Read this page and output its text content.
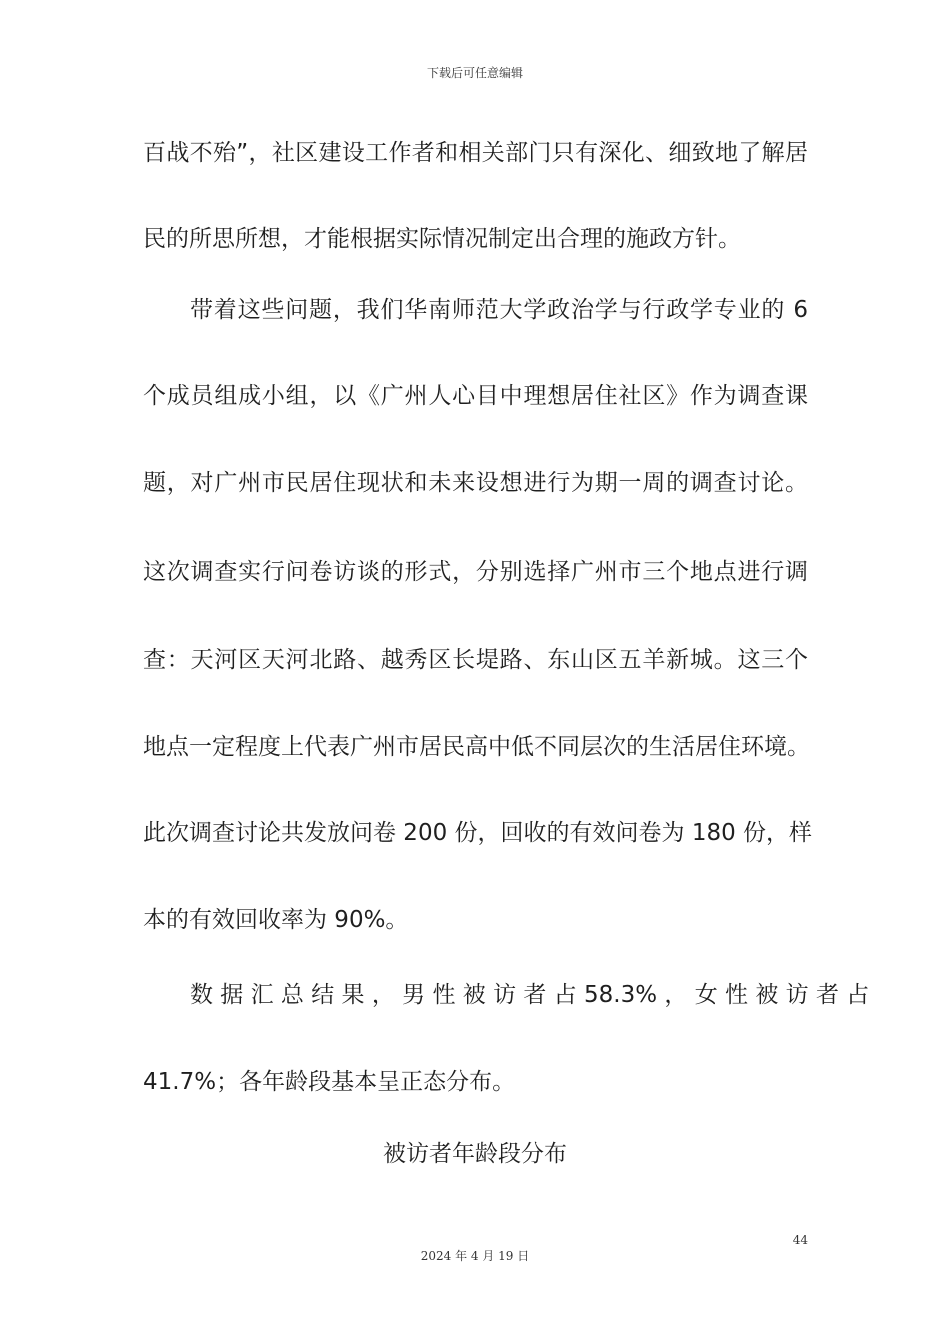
下载后可任意编辑
百战不殆”，社区建设工作者和相关部门只有深化、细致地了解居
民的所思所想，才能根据实际情况制定出合理的施政方针。
带着这些问题，我们华南师范大学政治学与行政学专业的 6
个成员组成小组，以《广州人心目中理想居住社区》作为调查课
题，对广州市民居住现状和未来设想进行为期一周的调查讨论。
这次调查实行问卷访谈的形式，分别选择广州市三个地点进行调
查：天河区天河北路、越秀区长堤路、东山区五羊新城。这三个
地点一定程度上代表广州市居民高中低不同层次的生活居住环境。
此次调查讨论共发放问卷 200 份，回收的有效问卷为 180 份，样
本的有效回收率为 90%。
数 据 汇 总 结 果 ， 男 性 被 访 者 占 58.3% ， 女 性 被 访 者 占
41.7%；各年龄段基本呈正态分布。
被访者年龄段分布
44
2024 年 4 月 19 日
